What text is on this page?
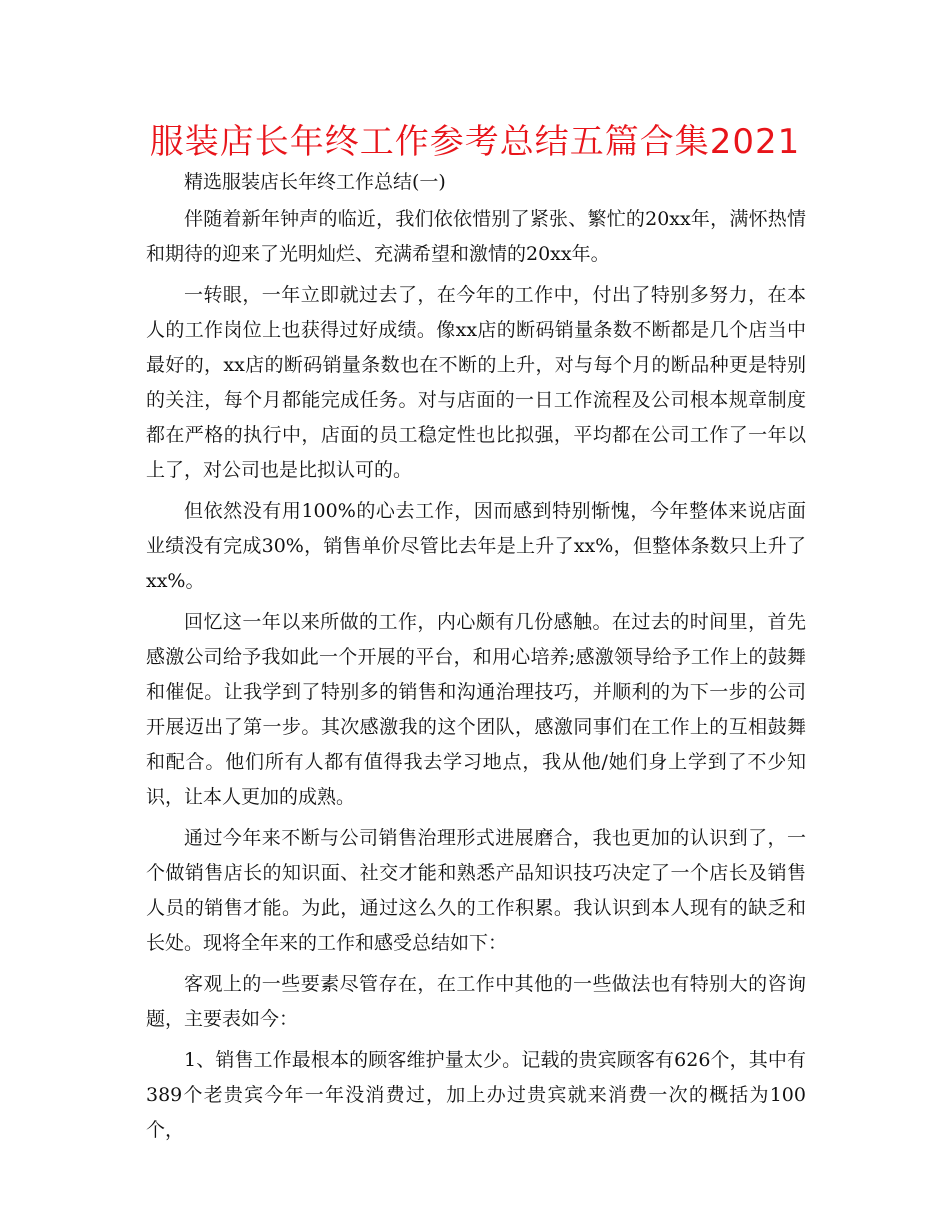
服装店长年终工作参考总结五篇合集2021

精选服装店长年终工作总结(一)

伴随着新年钟声的临近，我们依依惜别了紧张、繁忙的20xx年，满怀热情和期待的迎来了光明灿烂、充满希望和激情的20xx年。

一转眼，一年立即就过去了，在今年的工作中，付出了特别多努力，在本人的工作岗位上也获得过好成绩。像xx店的断码销量条数不断都是几个店当中最好的，xx店的断码销量条数也在不断的上升，对与每个月的断品种更是特别的关注，每个月都能完成任务。对与店面的一日工作流程及公司根本规章制度都在严格的执行中，店面的员工稳定性也比拟强，平均都在公司工作了一年以上了，对公司也是比拟认可的。

但依然没有用100%的心去工作，因而感到特别惭愧，今年整体来说店面业绩没有完成30%，销售单价尽管比去年是上升了xx%，但整体条数只上升了xx%。

回忆这一年以来所做的工作，内心颇有几份感触。在过去的时间里，首先感激公司给予我如此一个开展的平台，和用心培养;感激领导给予工作上的鼓舞和催促。让我学到了特别多的销售和沟通治理技巧，并顺利的为下一步的公司开展迈出了第一步。其次感激我的这个团队，感激同事们在工作上的互相鼓舞和配合。他们所有人都有值得我去学习地点，我从他/她们身上学到了不少知识，让本人更加的成熟。

通过今年来不断与公司销售治理形式进展磨合，我也更加的认识到了，一个做销售店长的知识面、社交才能和熟悉产品知识技巧决定了一个店长及销售人员的销售才能。为此，通过这么久的工作积累。我认识到本人现有的缺乏和长处。现将全年来的工作和感受总结如下：

客观上的一些要素尽管存在，在工作中其他的一些做法也有特别大的咨询题，主要表如今：

1、销售工作最根本的顾客维护量太少。记载的贵宾顾客有626个，其中有389个老贵宾今年一年没消费过，加上办过贵宾就来消费一次的概括为100个，
